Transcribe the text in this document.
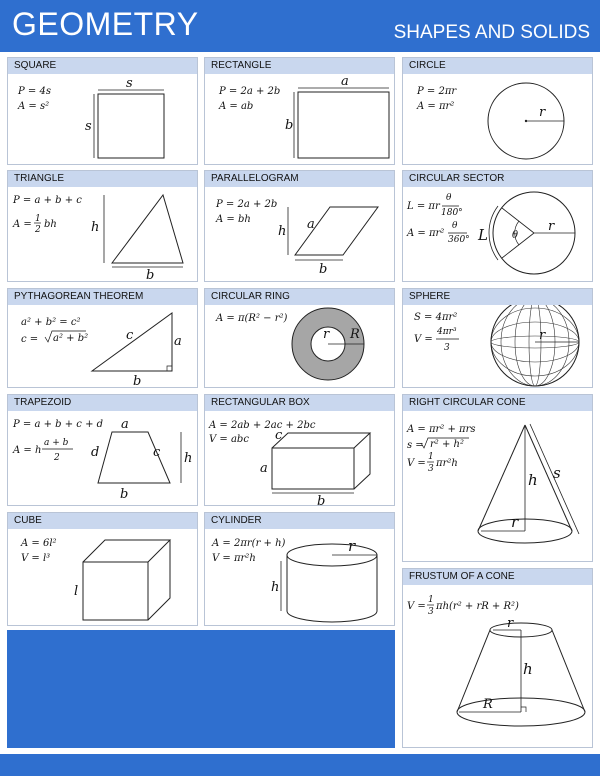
GEOMETRY	SHAPES AND SOLIDS
SQUARE
P = 4s
A = s²
s
s
RECTANGLE
P = 2a + 2b
A = ab
a
b
CIRCLE
P = 2πr
A = πr²	r
TRIANGLE
P = a + b + c
A = 1
2 bh	h
b
PARALLELOGRAM
P = 2a + 2b
A = bh	a
h
b
CIRCULAR SECTOR
L = πr
θ
180°
A = πr²
θ
360° L θ
r
PYTHAGOREAN THEOREM
a² + b² = c²
c = a² + b²	a
b
c
CIRCULAR RING
A = π(R² − r²)
r R
SPHERE
S = 4πr²
V =
4πr³
3
r
TRAPEZOID
P = a + b + c + d
A = h
a + b
2
a
b
c
d	h
RECTANGULAR BOX
A = 2ab + 2ac + 2bc
V = abc
a
b
c
RIGHT CIRCULAR CONE
A = πr² + πrs
s = r² + h²
V =
1
3 πr²h
h s
r
CUBE
A = 6l²
V = l³
l
CYLINDER
A = 2πr(r + h)
V = πr²h
r
h
FRUSTUM OF A CONE
V =
1
3 πh(r² + rR + R²)
r
h
R
